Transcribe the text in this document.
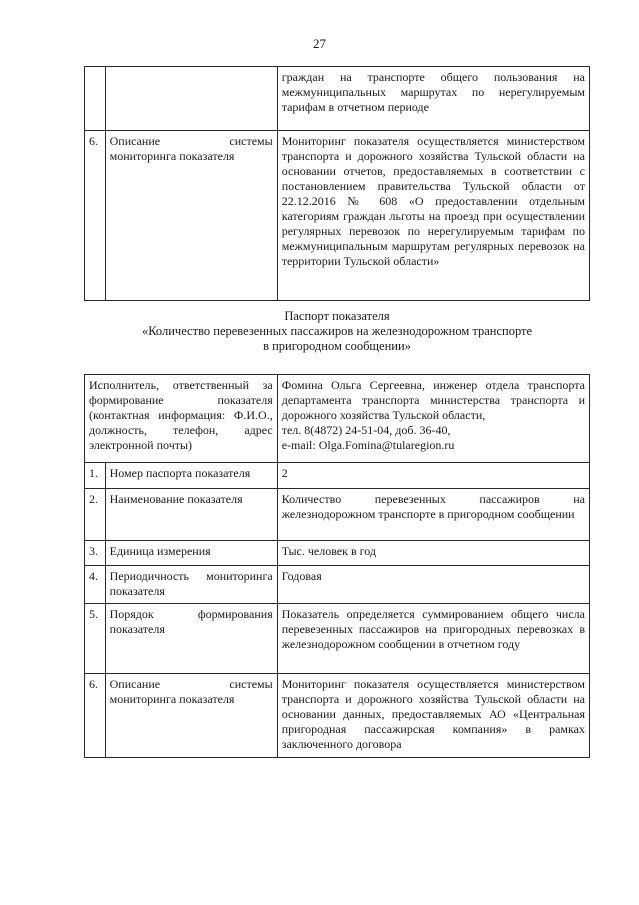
27
		граждан на транспорте общего пользования на межмуниципальных маршрутах по нерегулируемым тарифам в отчетном периоде
6.	Описание системы мониторинга показателя	Мониторинг показателя осуществляется министерством транспорта и дорожного хозяйства Тульской области на основании отчетов, предоставляемых в соответствии с постановлением правительства Тульской области от 22.12.2016 № 608 «О предоставлении отдельным категориям граждан льготы на проезд при осуществлении регулярных перевозок по нерегулируемым тарифам по межмуниципальным маршрутам регулярных перевозок на территории Тульской области»
Паспорт показателя
«Количество перевезенных пассажиров на железнодорожном транспорте
в пригородном сообщении»
Исполнитель, ответственный за формирование показателя (контактная информация: Ф.И.О., должность, телефон, адрес электронной почты)		Фомина Ольга Сергеевна, инженер отдела транспорта департамента транспорта министерства транспорта и дорожного хозяйства Тульской области,
тел. 8(4872) 24-51-04, доб. 36-40,
e-mail: Olga.Fomina@tularegion.ru
1.	Номер паспорта показателя	2
2.	Наименование показателя	Количество перевезенных пассажиров на железнодорожном транспорте в пригородном сообщении
3.	Единица измерения	Тыс. человек в год
4.	Периодичность мониторинга показателя	Годовая
5.	Порядок формирования показателя	Показатель определяется суммированием общего числа перевезенных пассажиров на пригородных перевозках в железнодорожном сообщении в отчетном году
6.	Описание системы мониторинга показателя	Мониторинг показателя осуществляется министерством транспорта и дорожного хозяйства Тульской области на основании данных, предоставляемых АО «Центральная пригородная пассажирская компания» в рамках заключенного договора
